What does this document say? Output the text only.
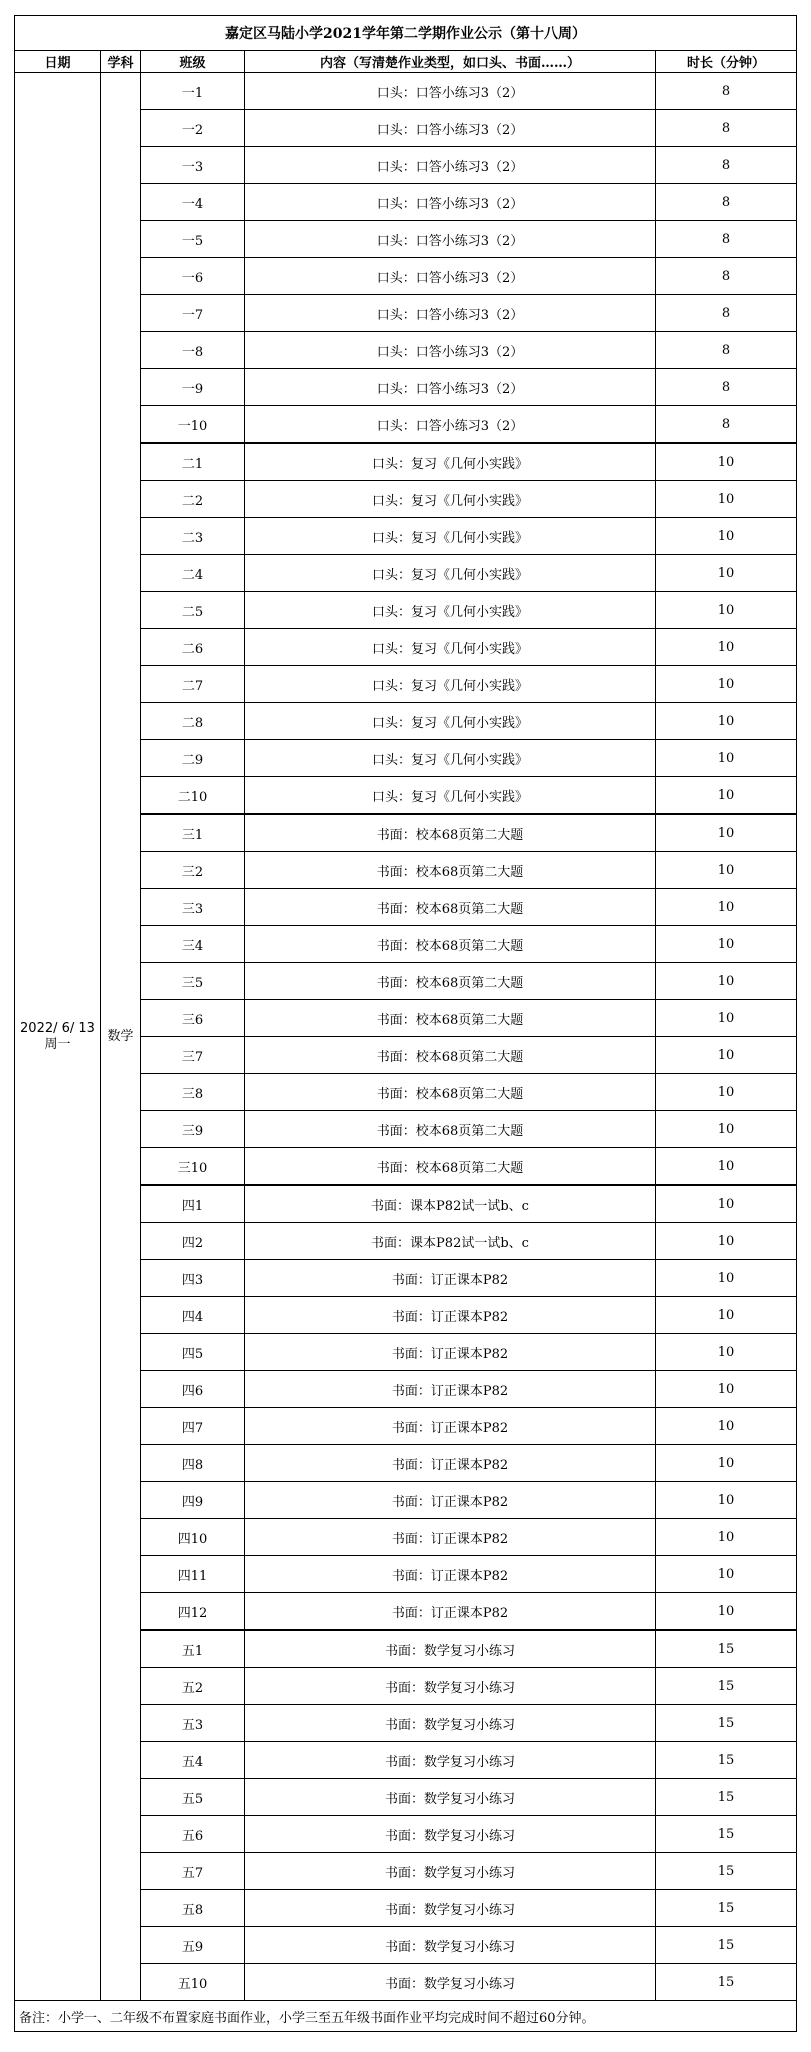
嘉定区马陆小学2021学年第二学期作业公示（第十八周）				
日期	学科	班级	内容（写清楚作业类型，如口头、书面……）	时长（分钟）
2022/ 6/ 13
周一	数学	一1	口头：口答小练习3（2）	8
		一2	口头：口答小练习3（2）	8
		一3	口头：口答小练习3（2）	8
		一4	口头：口答小练习3（2）	8
		一5	口头：口答小练习3（2）	8
		一6	口头：口答小练习3（2）	8
		一7	口头：口答小练习3（2）	8
		一8	口头：口答小练习3（2）	8
		一9	口头：口答小练习3（2）	8
		一10	口头：口答小练习3（2）	8
		二1	口头：复习《几何小实践》	10
		二2	口头：复习《几何小实践》	10
		二3	口头：复习《几何小实践》	10
		二4	口头：复习《几何小实践》	10
		二5	口头：复习《几何小实践》	10
		二6	口头：复习《几何小实践》	10
		二7	口头：复习《几何小实践》	10
		二8	口头：复习《几何小实践》	10
		二9	口头：复习《几何小实践》	10
		二10	口头：复习《几何小实践》	10
		三1	书面：校本68页第二大题	10
		三2	书面：校本68页第二大题	10
		三3	书面：校本68页第二大题	10
		三4	书面：校本68页第二大题	10
		三5	书面：校本68页第二大题	10
		三6	书面：校本68页第二大题	10
		三7	书面：校本68页第二大题	10
		三8	书面：校本68页第二大题	10
		三9	书面：校本68页第二大题	10
		三10	书面：校本68页第二大题	10
		四1	书面：课本P82试一试b、c	10
		四2	书面：课本P82试一试b、c	10
		四3	书面：订正课本P82	10
		四4	书面：订正课本P82	10
		四5	书面：订正课本P82	10
		四6	书面：订正课本P82	10
		四7	书面：订正课本P82	10
		四8	书面：订正课本P82	10
		四9	书面：订正课本P82	10
		四10	书面：订正课本P82	10
		四11	书面：订正课本P82	10
		四12	书面：订正课本P82	10
		五1	书面：数学复习小练习	15
		五2	书面：数学复习小练习	15
		五3	书面：数学复习小练习	15
		五4	书面：数学复习小练习	15
		五5	书面：数学复习小练习	15
		五6	书面：数学复习小练习	15
		五7	书面：数学复习小练习	15
		五8	书面：数学复习小练习	15
		五9	书面：数学复习小练习	15
		五10	书面：数学复习小练习	15
备注：小学一、二年级不布置家庭书面作业，小学三至五年级书面作业平均完成时间不超过60分钟。				
